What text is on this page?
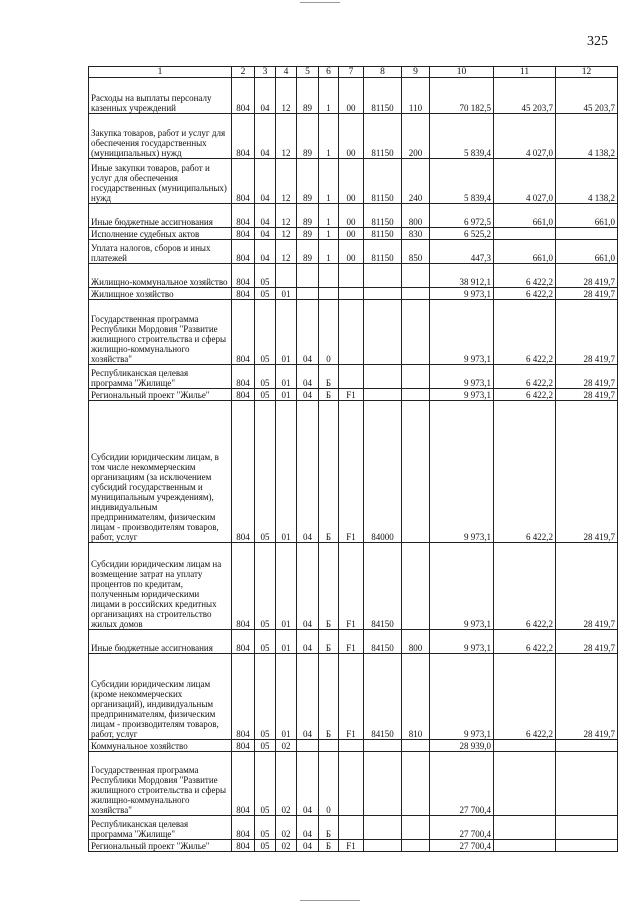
325
1	2	3	4	5	6	7	8	9	10	11	12
Расходы на выплаты персоналу казенных учреждений	804	04	12	89	1	00	81150	110	70 182,5	45 203,7	45 203,7
Закупка товаров, работ и услуг для обеспечения государственных (муниципальных) нужд	804	04	12	89	1	00	81150	200	5 839,4	4 027,0	4 138,2
Иные закупки товаров, работ и услуг для обеспечения государственных (муниципальных) нужд	804	04	12	89	1	00	81150	240	5 839,4	4 027,0	4 138,2
Иные бюджетные ассигнования	804	04	12	89	1	00	81150	800	6 972,5	661,0	661,0
Исполнение судебных актов	804	04	12	89	1	00	81150	830	6 525,2		
Уплата налогов, сборов и иных платежей	804	04	12	89	1	00	81150	850	447,3	661,0	661,0
Жилищно-коммунальное хозяйство	804	05							38 912,1	6 422,2	28 419,7
Жилищное хозяйство	804	05	01						9 973,1	6 422,2	28 419,7
Государственная программа Республики Мордовия "Развитие жилищного строительства и сферы жилищно-коммунального хозяйства"	804	05	01	04	0				9 973,1	6 422,2	28 419,7
Республиканская целевая программа "Жилище"	804	05	01	04	Б				9 973,1	6 422,2	28 419,7
Региональный проект "Жилье"	804	05	01	04	Б	F1			9 973,1	6 422,2	28 419,7
Субсидии юридическим лицам, в том числе некоммерческим организациям (за исключением субсидий государственным и муниципальным учреждениям), индивидуальным предпринимателям, физическим лицам - производителям товаров, работ, услуг	804	05	01	04	Б	F1	84000		9 973,1	6 422,2	28 419,7
Субсидии юридическим лицам на возмещение затрат на уплату процентов по кредитам, полученным юридическими лицами в российских кредитных организациях на строительство жилых домов	804	05	01	04	Б	F1	84150		9 973,1	6 422,2	28 419,7
Иные бюджетные ассигнования	804	05	01	04	Б	F1	84150	800	9 973,1	6 422,2	28 419,7
Субсидии юридическим лицам (кроме некоммерческих организаций), индивидуальным предпринимателям, физическим лицам - производителям товаров, работ, услуг	804	05	01	04	Б	F1	84150	810	9 973,1	6 422,2	28 419,7
Коммунальное хозяйство	804	05	02						28 939,0		
Государственная программа Республики Мордовия "Развитие жилищного строительства и сферы жилищно-коммунального хозяйства"	804	05	02	04	0				27 700,4		
Республиканская целевая программа "Жилище"	804	05	02	04	Б				27 700,4		
Региональный проект "Жилье"	804	05	02	04	Б	F1			27 700,4		
